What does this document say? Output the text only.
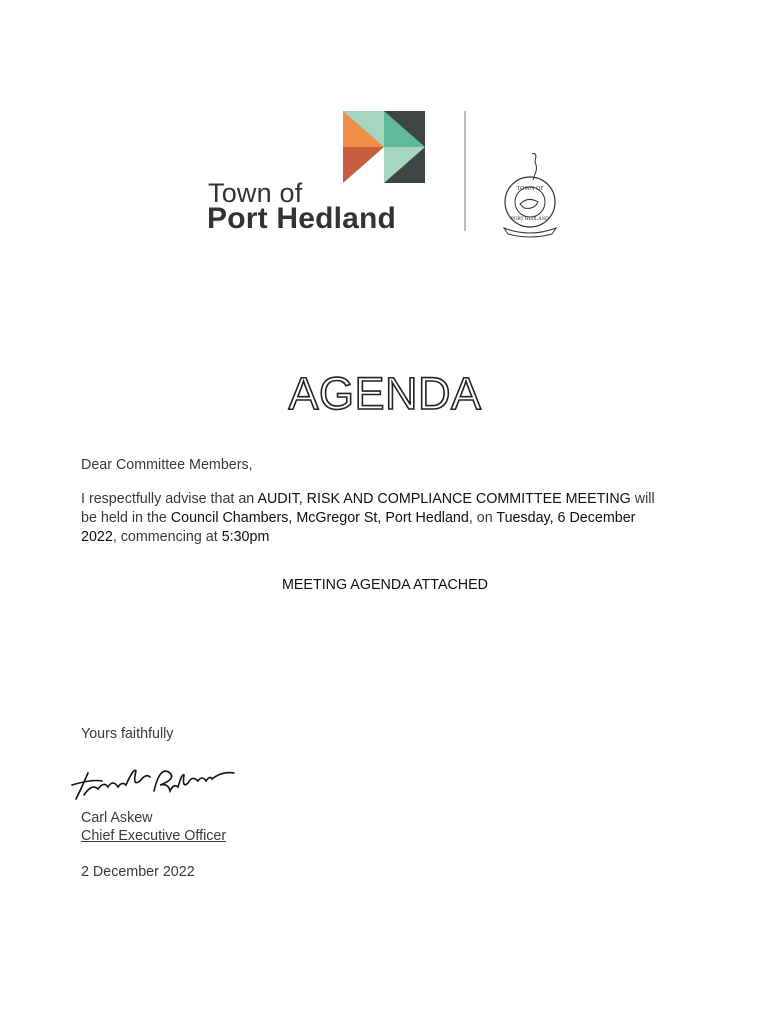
Town of
Port Hedland
TOWN OF
PORT HEDLAND
AGENDA
Dear Committee Members,
I respectfully advise that an AUDIT, RISK AND COMPLIANCE COMMITTEE MEETING will
be held in the Council Chambers, McGregor St, Port Hedland, on Tuesday, 6 December
2022, commencing at 5:30pm
MEETING AGENDA ATTACHED
Yours faithfully
Carl Askew
Chief Executive Officer
2 December 2022
